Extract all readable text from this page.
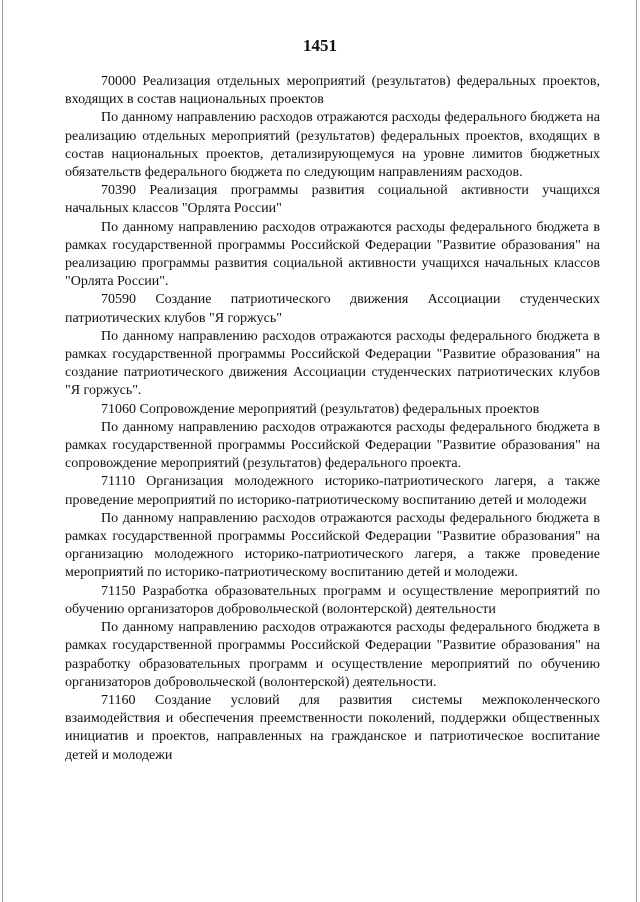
1451

70000 Реализация отдельных мероприятий (результатов) федеральных проектов, входящих в состав национальных проектов

По данному направлению расходов отражаются расходы федерального бюджета на реализацию отдельных мероприятий (результатов) федеральных проектов, входящих в состав национальных проектов, детализирующемуся на уровне лимитов бюджетных обязательств федерального бюджета по следующим направлениям расходов.

70390 Реализация программы развития социальной активности учащихся начальных классов "Орлята России"

По данному направлению расходов отражаются расходы федерального бюджета в рамках государственной программы Российской Федерации "Развитие образования" на реализацию программы развития социальной активности учащихся начальных классов "Орлята России".

70590 Создание патриотического движения Ассоциации студенческих патриотических клубов "Я горжусь"

По данному направлению расходов отражаются расходы федерального бюджета в рамках государственной программы Российской Федерации "Развитие образования" на создание патриотического движения Ассоциации студенческих патриотических клубов "Я горжусь".

71060 Сопровождение мероприятий (результатов) федеральных проектов

По данному направлению расходов отражаются расходы федерального бюджета в рамках государственной программы Российской Федерации "Развитие образования" на сопровождение мероприятий (результатов) федерального проекта.

71110 Организация молодежного историко-патриотического лагеря, а также проведение мероприятий по историко-патриотическому воспитанию детей и молодежи

По данному направлению расходов отражаются расходы федерального бюджета в рамках государственной программы Российской Федерации "Развитие образования" на организацию молодежного историко-патриотического лагеря, а также проведение мероприятий по историко-патриотическому воспитанию детей и молодежи.

71150 Разработка образовательных программ и осуществление мероприятий по обучению организаторов добровольческой (волонтерской) деятельности

По данному направлению расходов отражаются расходы федерального бюджета в рамках государственной программы Российской Федерации "Развитие образования" на разработку образовательных программ и осуществление мероприятий по обучению организаторов добровольческой (волонтерской) деятельности.

71160 Создание условий для развития системы межпоколенческого взаимодействия и обеспечения преемственности поколений, поддержки общественных инициатив и проектов, направленных на гражданское и патриотическое воспитание детей и молодежи
